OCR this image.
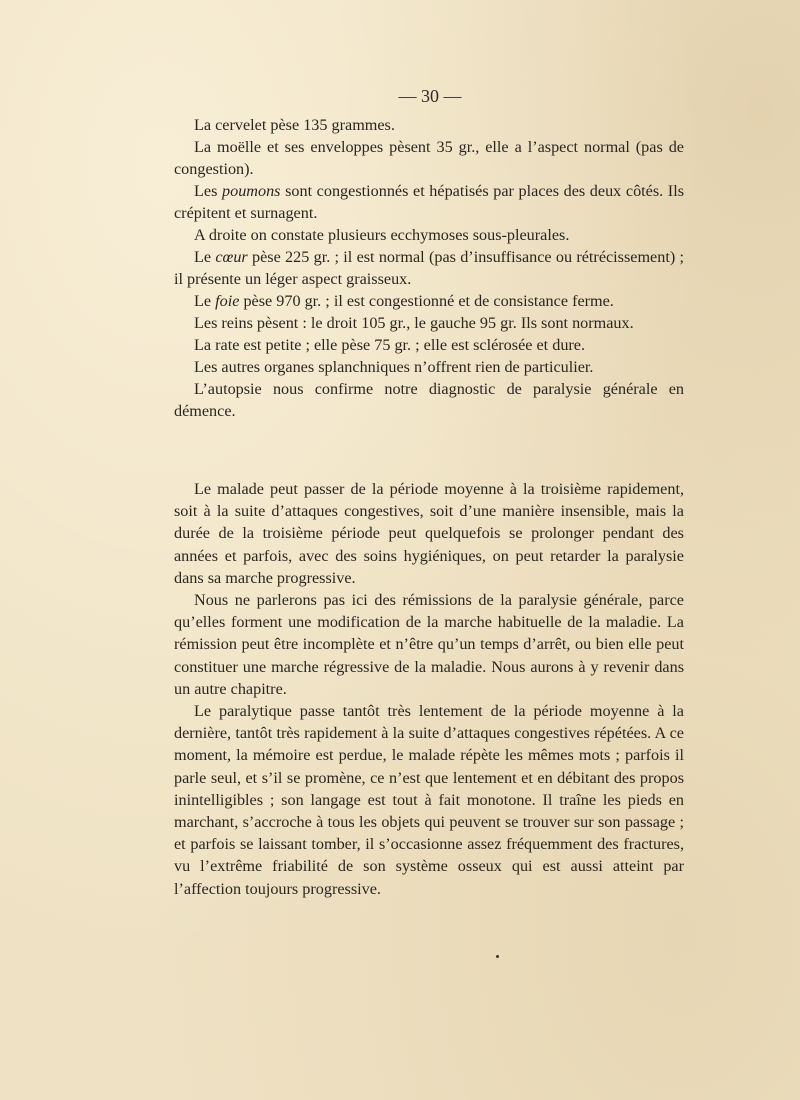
— 30 —

La cervelet pèse 135 grammes.

La moëlle et ses enveloppes pèsent 35 gr., elle a l’aspect normal (pas de congestion).

Les poumons sont congestionnés et hépatisés par places des deux côtés. Ils crépitent et surnagent.

A droite on constate plusieurs ecchymoses sous-pleurales.

Le cœur pèse 225 gr. ; il est normal (pas d’insuffisance ou rétrécissement) ; il présente un léger aspect graisseux.

Le foie pèse 970 gr. ; il est congestionné et de consistance ferme.

Les reins pèsent : le droit 105 gr., le gauche 95 gr. Ils sont normaux.

La rate est petite ; elle pèse 75 gr. ; elle est sclérosée et dure.

Les autres organes splanchniques n’offrent rien de particulier.

L’autopsie nous confirme notre diagnostic de paralysie générale en démence.

Le malade peut passer de la période moyenne à la troisième rapidement, soit à la suite d’attaques congestives, soit d’une manière insensible, mais la durée de la troisième période peut quelquefois se prolonger pendant des années et parfois, avec des soins hygiéniques, on peut retarder la paralysie dans sa marche progressive.

Nous ne parlerons pas ici des rémissions de la paralysie générale, parce qu’elles forment une modification de la marche habituelle de la maladie. La rémission peut être incomplète et n’être qu’un temps d’arrêt, ou bien elle peut constituer une marche régressive de la maladie. Nous aurons à y revenir dans un autre chapitre.

Le paralytique passe tantôt très lentement de la période moyenne à la dernière, tantôt très rapidement à la suite d’attaques congestives répétées. A ce moment, la mémoire est perdue, le malade répète les mêmes mots ; parfois il parle seul, et s’il se promène, ce n’est que lentement et en débitant des propos inintelligibles ; son langage est tout à fait monotone. Il traîne les pieds en marchant, s’accroche à tous les objets qui peuvent se trouver sur son passage ; et parfois se laissant tomber, il s’occasionne assez fréquemment des fractures, vu l’extrême friabilité de son système osseux qui est aussi atteint par l’affection toujours progressive.
